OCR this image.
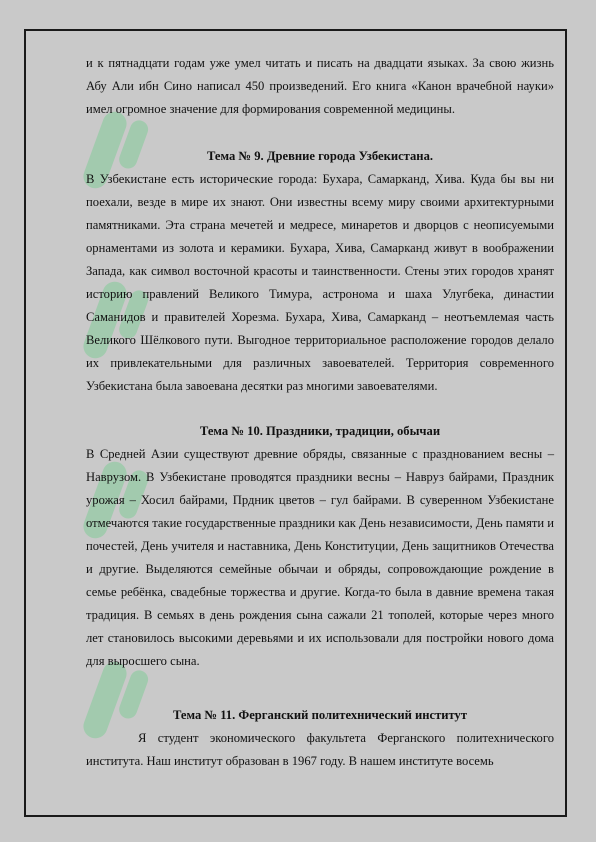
и к пятнадцати годам уже умел читать и писать на двадцати языках. За свою жизнь Абу Али ибн Сино написал 450 произведений. Его книга «Канон врачебной науки» имел огромное значение для формирования современной медицины.

Тема № 9. Древние города Узбекистана.

В Узбекистане есть исторические города: Бухара, Самарканд, Хива. Куда бы вы ни поехали, везде в мире их знают. Они известны всему миру своими архитектурными памятниками. Эта страна мечетей и медресе, минаретов и дворцов с неописуемыми орнаментами из золота и керамики. Бухара, Хива, Самарканд живут в воображении Запада, как символ восточной красоты и таинственности. Стены этих городов хранят историю правлений Великого Тимура, астронома и шаха Улугбека, династии Саманидов и правителей Хорезма. Бухара, Хива, Самарканд – неотъемлемая часть Великого Шёлкового пути. Выгодное территориальное расположение городов делало их привлекательными для различных завоевателей. Территория современного Узбекистана была завоевана десятки раз многими завоевателями.

Тема № 10. Праздники, традиции, обычаи

В Средней Азии существуют древние обряды, связанные с празднованием весны – Наврузом. В Узбекистане проводятся праздники весны – Навруз байрами, Праздник урожая – Хосил байрами, Прдник цветов – гул байрами. В суверенном Узбекистане отмечаются такие государственные праздники как День независимости, День памяти и почестей, День учителя и наставника, День Конституции, День защитников Отечества и другие. Выделяются семейные обычаи и обряды, сопровождающие рождение в семье ребёнка, свадебные торжества и другие. Когда-то была в давние времена такая традиция. В семьях в день рождения сына сажали 21 тополей, которые через много лет становилось высокими деревьями и их использовали для постройки нового дома для выросшего сына.

Тема № 11. Ферганский политехнический институт

Я студент экономического факультета Ферганского политехнического института. Наш институт образован в 1967 году. В нашем институте восемь
